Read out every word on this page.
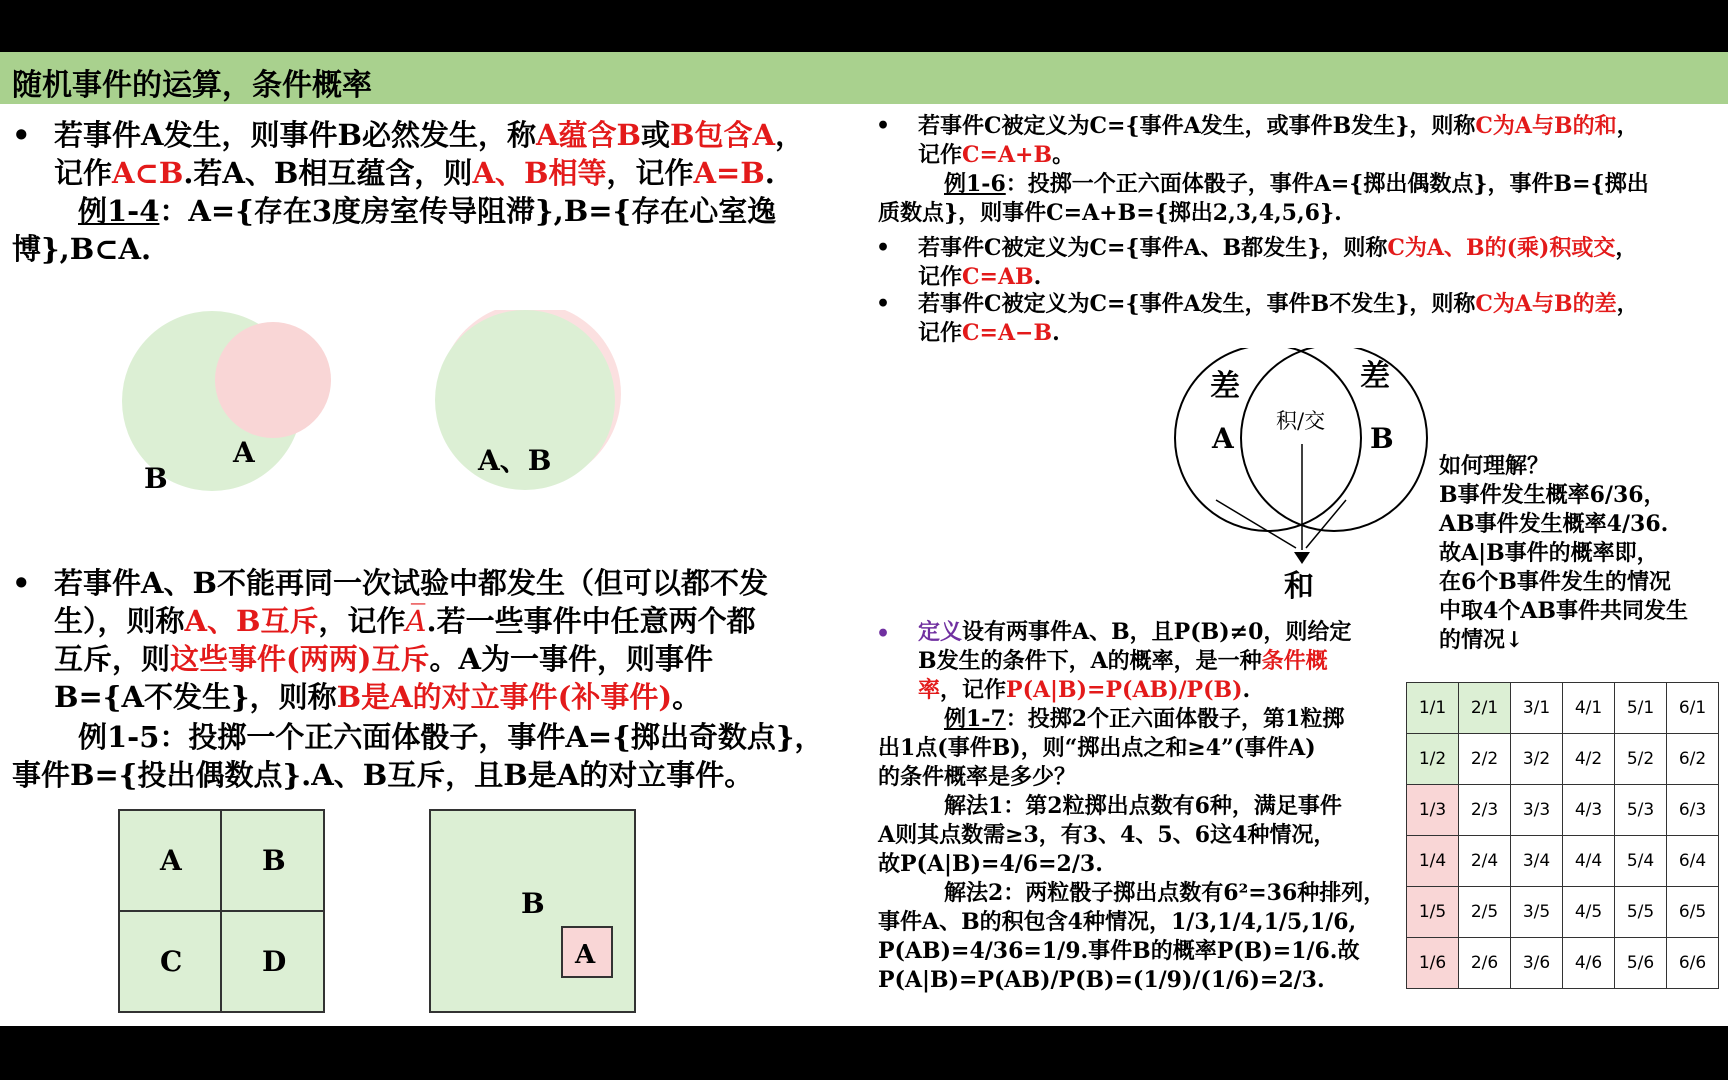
随机事件的运算，条件概率
• 若事件A发生，则事件B必然发生，称A蕴含B或B包含A，
记作A⊂B.若A、B相互蕴含，则A、B相等，记作A=B.
例1-4：A={存在3度房室传导阻滞},B={存在心室逸
博},B⊂A.
B
A	A、B
• 若事件A、B不能再同一次试验中都发生（但可以都不发
生），则称A、B互斥，记作A̅.若一些事件中任意两个都
互斥，则这些事件(两两)互斥。A为一事件，则事件
B={A不发生}，则称B是A的对立事件(补事件)。
例1-5：投掷一个正六面体骰子，事件A={掷出奇数点}，
事件B={投出偶数点}.A、B互斥，且B是A的对立事件。
A	B
C	D
B
A
• 若事件C被定义为C={事件A发生，或事件B发生}，则称C为A与B的和，
记作C=A+B。
例1-6：投掷一个正六面体骰子，事件A={掷出偶数点}，事件B={掷出
质数点}，则事件C=A+B={掷出2,3,4,5,6}.
• 若事件C被定义为C={事件A、B都发生}，则称C为A、B的(乘)积或交，
记作C=AB.
• 若事件C被定义为C={事件A发生，事件B不发生}，则称C为A与B的差，
记作C=A−B.
差	差
A	B
积/交
和
如何理解？
B事件发生概率6/36，
AB事件发生概率4/36.
故A|B事件的概率即，
在6个B事件发生的情况
中取4个AB事件共同发生
的情况↓
• 定义设有两事件A、B，且P(B)≠0，则给定
B发生的条件下，A的概率，是一种条件概
率，记作P(A|B)=P(AB)/P(B).
例1-7：投掷2个正六面体骰子，第1粒掷
出1点(事件B)，则“掷出点之和≥4”(事件A)
的条件概率是多少？
解法1：第2粒掷出点数有6种，满足事件
A则其点数需≥3，有3、4、5、6这4种情况，
故P(A|B)=4/6=2/3.
解法2：两粒骰子掷出点数有6²=36种排列，
事件A、B的积包含4种情况，1/3,1/4,1/5,1/6,
P(AB)=4/36=1/9.事件B的概率P(B)=1/6.故
P(A|B)=P(AB)/P(B)=(1/9)/(1/6)=2/3.
1/1	2/1	3/1	4/1	5/1	6/1
1/2	2/2	3/2	4/2	5/2	6/2
1/3	2/3	3/3	4/3	5/3	6/3
1/4	2/4	3/4	4/4	5/4	6/4
1/5	2/5	3/5	4/5	5/5	6/5
1/6	2/6	3/6	4/6	5/6	6/6
